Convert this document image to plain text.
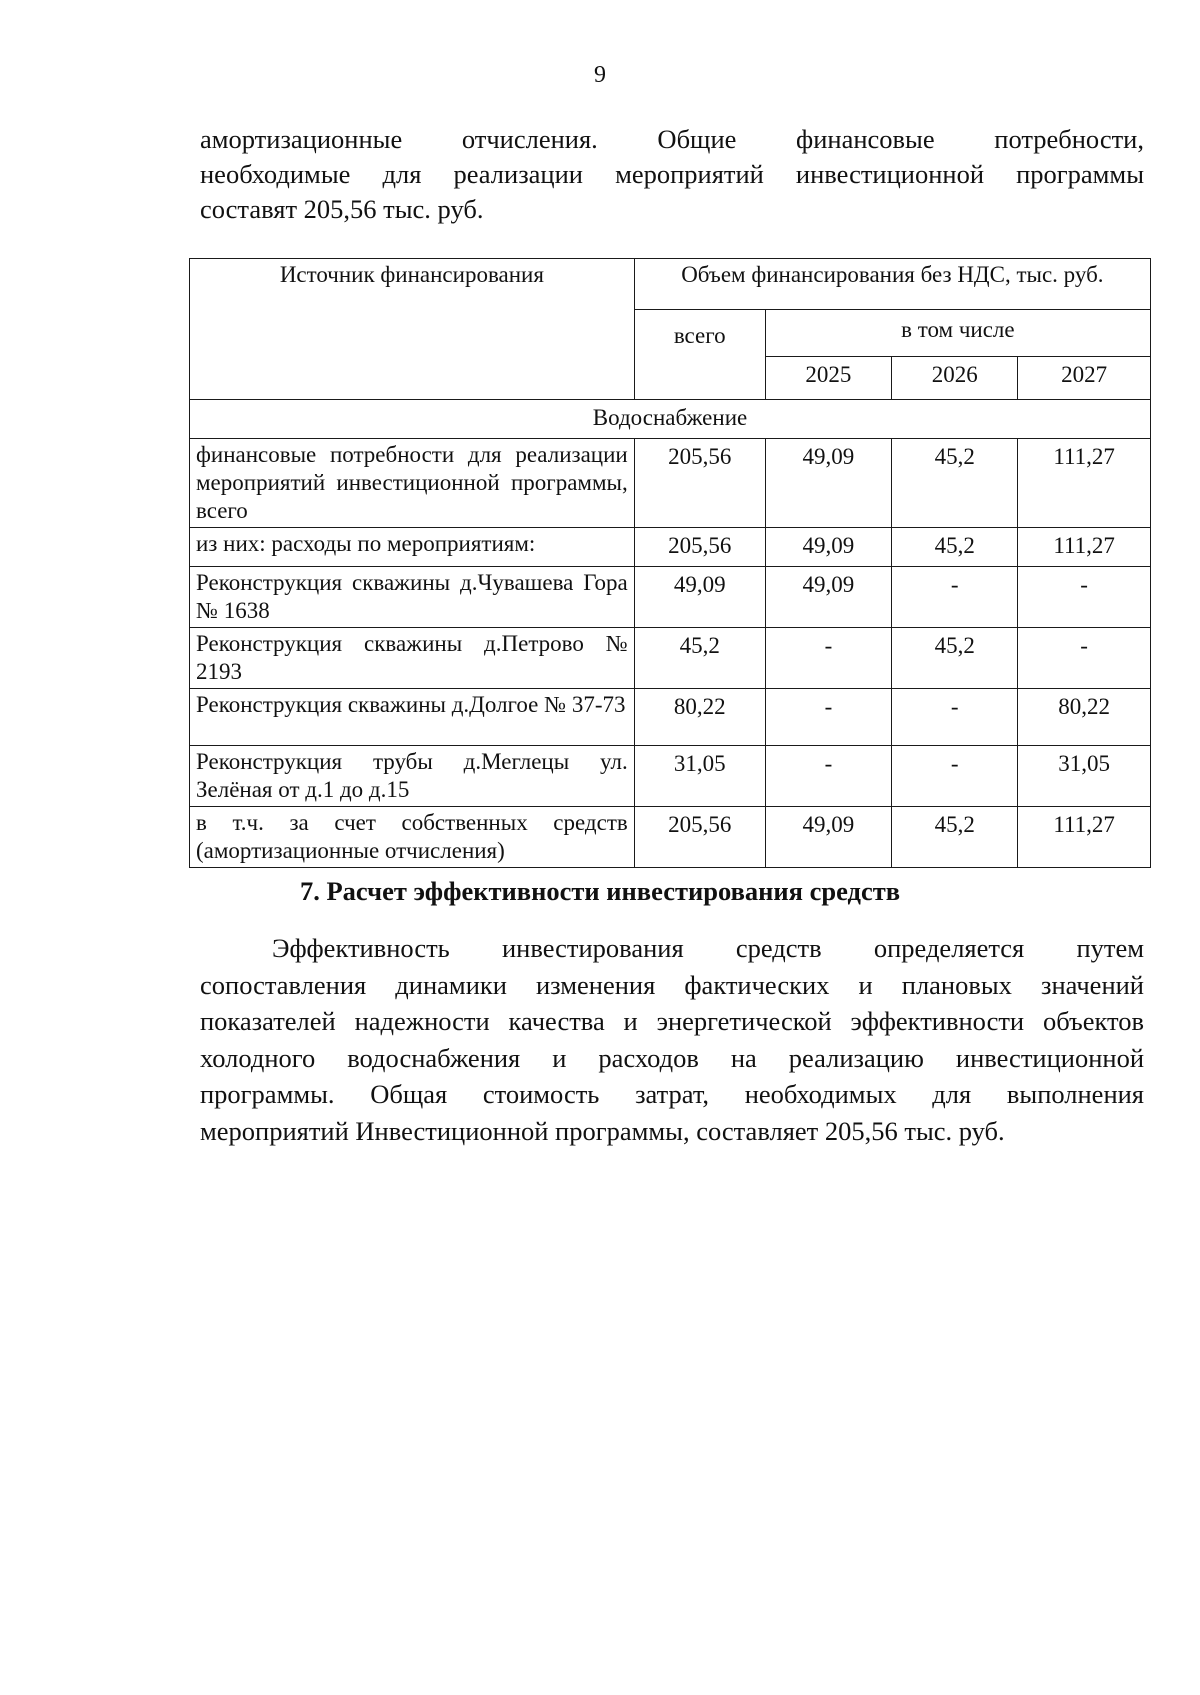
9

амортизационные отчисления. Общие финансовые потребности,

необходимые для реализации мероприятий инвестиционной программы

составят 205,56 тыс. руб.

Источник финансирования	Объем финансирования без НДС, тыс. руб.			
	всего	в том числе		
		2025	2026	2027
Водоснабжение				
финансовые потребности для реализации мероприятий инвестиционной программы, всего	205,56	49,09	45,2	111,27
из них: расходы по мероприятиям:	205,56	49,09	45,2	111,27
Реконструкция скважины д.Чувашева Гора № 1638	49,09	49,09	-	-
Реконструкция скважины д.Петрово № 2193	45,2	-	45,2	-
Реконструкция скважины д.Долгое № 37-73	80,22	-	-	80,22
Реконструкция трубы д.Меглецы ул. Зелёная от д.1 до д.15	31,05	-	-	31,05
в т.ч. за счет собственных средств (амортизационные отчисления)	205,56	49,09	45,2	111,27
7. Расчет эффективности инвестирования средств
Эффективность инвестирования средств определяется путем
сопоставления динамики изменения фактических и плановых значений
показателей надежности качества и энергетической эффективности объектов
холодного водоснабжения и расходов на реализацию инвестиционной
программы. Общая стоимость затрат, необходимых для выполнения
мероприятий Инвестиционной программы, составляет 205,56 тыс. руб.
